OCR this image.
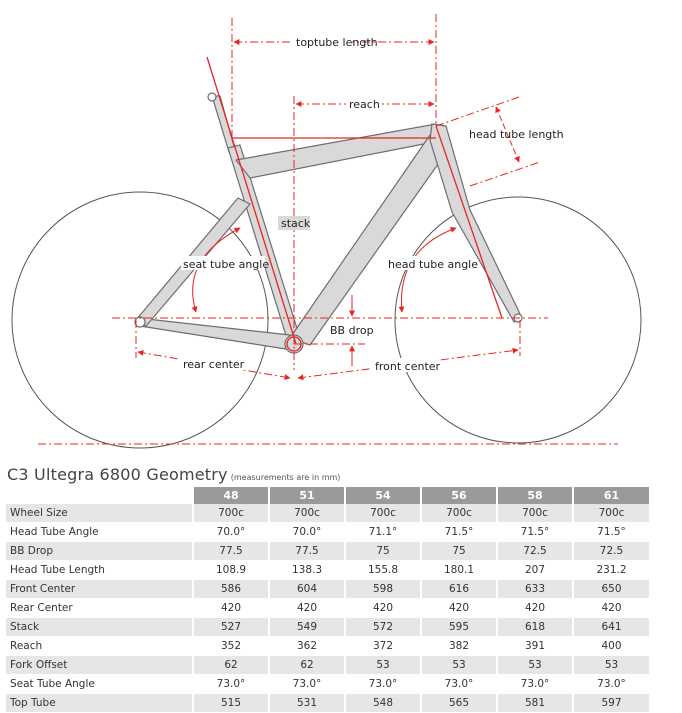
toptube length
reach
head tube length
stack
seat tube angle	head tube angle
BB drop
rear center	front center
C3 Ultegra 6800 Geometry (measurements are in mm)
	48	51	54	56	58	61
Wheel Size	700c	700c	700c	700c	700c	700c
Head Tube Angle	70.0°	70.0°	71.1°	71.5°	71.5°	71.5°
BB Drop	77.5	77.5	75	75	72.5	72.5
Head Tube Length	108.9	138.3	155.8	180.1	207	231.2
Front Center	586	604	598	616	633	650
Rear Center	420	420	420	420	420	420
Stack	527	549	572	595	618	641
Reach	352	362	372	382	391	400
Fork Offset	62	62	53	53	53	53
Seat Tube Angle	73.0°	73.0°	73.0°	73.0°	73.0°	73.0°
Top Tube	515	531	548	565	581	597
